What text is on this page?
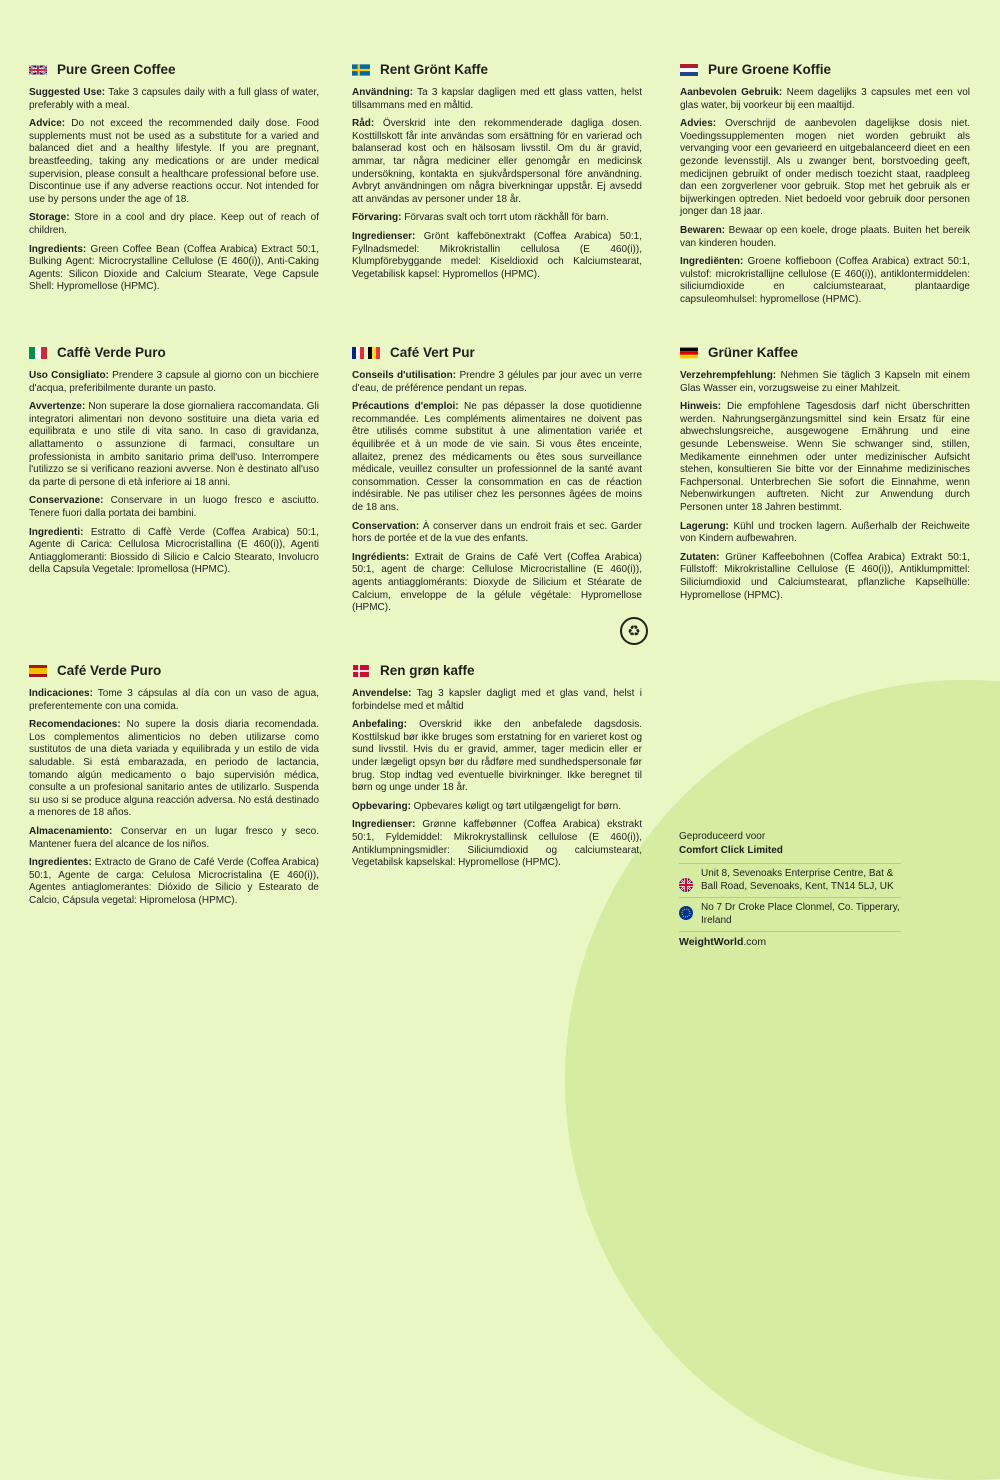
Pure Green Coffee

Suggested Use: Take 3 capsules daily with a full glass of water, preferably with a meal.

Advice: Do not exceed the recommended daily dose. Food supplements must not be used as a substitute for a varied and balanced diet and a healthy lifestyle. If you are pregnant, breastfeeding, taking any medications or are under medical supervision, please consult a healthcare professional before use. Discontinue use if any adverse reactions occur. Not intended for use by persons under the age of 18.

Storage: Store in a cool and dry place. Keep out of reach of children.

Ingredients: Green Coffee Bean (Coffea Arabica) Extract 50:1, Bulking Agent: Microcrystalline Cellulose (E 460(i)), Anti-Caking Agents: Silicon Dioxide and Calcium Stearate, Vege Capsule Shell: Hypromellose (HPMC).

Rent Grönt Kaffe

Användning: Ta 3 kapslar dagligen med ett glass vatten, helst tillsammans med en måltid.

Råd: Överskrid inte den rekommenderade dagliga dosen. Kosttillskott får inte användas som ersättning för en varierad och balanserad kost och en hälsosam livsstil. Om du är gravid, ammar, tar några mediciner eller genomgår en medicinsk undersökning, kontakta en sjukvårdspersonal före användning. Avbryt användningen om några biverkningar uppstår. Ej avsedd att användas av personer under 18 år.

Förvaring: Förvaras svalt och torrt utom räckhåll för barn.

Ingredienser: Grönt kaffebönextrakt (Coffea Arabica) 50:1, Fyllnadsmedel: Mikrokristallin cellulosa (E 460(i)), Klumpförebyggande medel: Kiseldioxid och Kalciumstearat, Vegetabilisk kapsel: Hypromellos (HPMC).

Pure Groene Koffie

Aanbevolen Gebruik: Neem dagelijks 3 capsules met een vol glas water, bij voorkeur bij een maaltijd.

Advies: Overschrijd de aanbevolen dagelijkse dosis niet. Voedingssupplementen mogen niet worden gebruikt als vervanging voor een gevarieerd en uitgebalanceerd dieet en een gezonde levensstijl. Als u zwanger bent, borstvoeding geeft, medicijnen gebruikt of onder medisch toezicht staat, raadpleeg dan een zorgverlener voor gebruik. Stop met het gebruik als er bijwerkingen optreden. Niet bedoeld voor gebruik door personen jonger dan 18 jaar.

Bewaren: Bewaar op een koele, droge plaats. Buiten het bereik van kinderen houden.

Ingrediënten: Groene koffieboon (Coffea Arabica) extract 50:1, vulstof: microkristallijne cellulose (E 460(i)), antiklontermiddelen: siliciumdioxide en calciumstearaat, plantaardige capsuleomhulsel: hypromellose (HPMC).

Caffè Verde Puro

Uso Consigliato: Prendere 3 capsule al giorno con un bicchiere d'acqua, preferibilmente durante un pasto.

Avvertenze: Non superare la dose giornaliera raccomandata. Gli integratori alimentari non devono sostituire una dieta varia ed equilibrata e uno stile di vita sano. In caso di gravidanza, allattamento o assunzione di farmaci, consultare un professionista in ambito sanitario prima dell'uso. Interrompere l'utilizzo se si verificano reazioni avverse. Non è destinato all'uso da parte di persone di età inferiore ai 18 anni.

Conservazione: Conservare in un luogo fresco e asciutto. Tenere fuori dalla portata dei bambini.

Ingredienti: Estratto di Caffè Verde (Coffea Arabica) 50:1, Agente di Carica: Cellulosa Microcristallina (E 460(i)), Agenti Antiagglomeranti: Biossido di Silicio e Calcio Stearato, Involucro della Capsula Vegetale: Ipromellosa (HPMC).

Café Vert Pur

Conseils d'utilisation: Prendre 3 gélules par jour avec un verre d'eau, de préférence pendant un repas.

Précautions d'emploi: Ne pas dépasser la dose quotidienne recommandée. Les compléments alimentaires ne doivent pas être utilisés comme substitut à une alimentation variée et équilibrée et à un mode de vie sain. Si vous êtes enceinte, allaitez, prenez des médicaments ou êtes sous surveillance médicale, veuillez consulter un professionnel de la santé avant consommation. Cesser la consommation en cas de réaction indésirable. Ne pas utiliser chez les personnes âgées de moins de 18 ans.

Conservation: À conserver dans un endroit frais et sec. Garder hors de portée et de la vue des enfants.

Ingrédients: Extrait de Grains de Café Vert (Coffea Arabica) 50:1, agent de charge: Cellulose Microcristalline (E 460(i)), agents antiagglomérants: Dioxyde de Silicium et Stéarate de Calcium, enveloppe de la gélule végétale: Hypromellose (HPMC).

♻
Grüner Kaffee

Verzehrempfehlung: Nehmen Sie täglich 3 Kapseln mit einem Glas Wasser ein, vorzugsweise zu einer Mahlzeit.

Hinweis: Die empfohlene Tagesdosis darf nicht überschritten werden. Nahrungsergänzungsmittel sind kein Ersatz für eine abwechslungsreiche, ausgewogene Ernährung und eine gesunde Lebensweise. Wenn Sie schwanger sind, stillen, Medikamente einnehmen oder unter medizinischer Aufsicht stehen, konsultieren Sie bitte vor der Einnahme medizinisches Fachpersonal. Unterbrechen Sie sofort die Einnahme, wenn Nebenwirkungen auftreten. Nicht zur Anwendung durch Personen unter 18 Jahren bestimmt.

Lagerung: Kühl und trocken lagern. Außerhalb der Reichweite von Kindern aufbewahren.

Zutaten: Grüner Kaffeebohnen (Coffea Arabica) Extrakt 50:1, Füllstoff: Mikrokristalline Cellulose (E 460(i)), Antiklumpmittel: Siliciumdioxid und Calciumstearat, pflanzliche Kapselhülle: Hypromellose (HPMC).

Café Verde Puro

Indicaciones: Tome 3 cápsulas al día con un vaso de agua, preferentemente con una comida.

Recomendaciones: No supere la dosis diaria recomendada. Los complementos alimenticios no deben utilizarse como sustitutos de una dieta variada y equilibrada y un estilo de vida saludable. Si está embarazada, en periodo de lactancia, tomando algún medicamento o bajo supervisión médica, consulte a un profesional sanitario antes de utilizarlo. Suspenda su uso si se produce alguna reacción adversa. No está destinado a menores de 18 años.

Almacenamiento: Conservar en un lugar fresco y seco. Mantener fuera del alcance de los niños.

Ingredientes: Extracto de Grano de Café Verde (Coffea Arabica) 50:1, Agente de carga: Celulosa Microcristalina (E 460(i)), Agentes antiaglomerantes: Dióxido de Silicio y Estearato de Calcio, Cápsula vegetal: Hipromelosa (HPMC).

Ren grøn kaffe

Anvendelse: Tag 3 kapsler dagligt med et glas vand, helst i forbindelse med et måltid

Anbefaling: Overskrid ikke den anbefalede dagsdosis. Kosttilskud bør ikke bruges som erstatning for en varieret kost og sund livsstil. Hvis du er gravid, ammer, tager medicin eller er under lægeligt opsyn bør du rådføre med sundhedspersonale før brug. Stop indtag ved eventuelle bivirkninger. Ikke beregnet til børn og unge under 18 år.

Opbevaring: Opbevares køligt og tørt utilgængeligt for børn.

Ingredienser: Grønne kaffebønner (Coffea Arabica) ekstrakt 50:1, Fyldemiddel: Mikrokrystallinsk cellulose (E 460(i)), Antiklumpningsmidler: Siliciumdioxid og calciumstearat, Vegetabilsk kapselskal: Hypromellose (HPMC).

Geproduceerd voor
Comfort Click Limited
Unit 8, Sevenoaks Enterprise Centre, Bat & Ball Road, Sevenoaks, Kent, TN14 5LJ, UK
No 7 Dr Croke Place Clonmel, Co. Tipperary, Ireland
WeightWorld.com
